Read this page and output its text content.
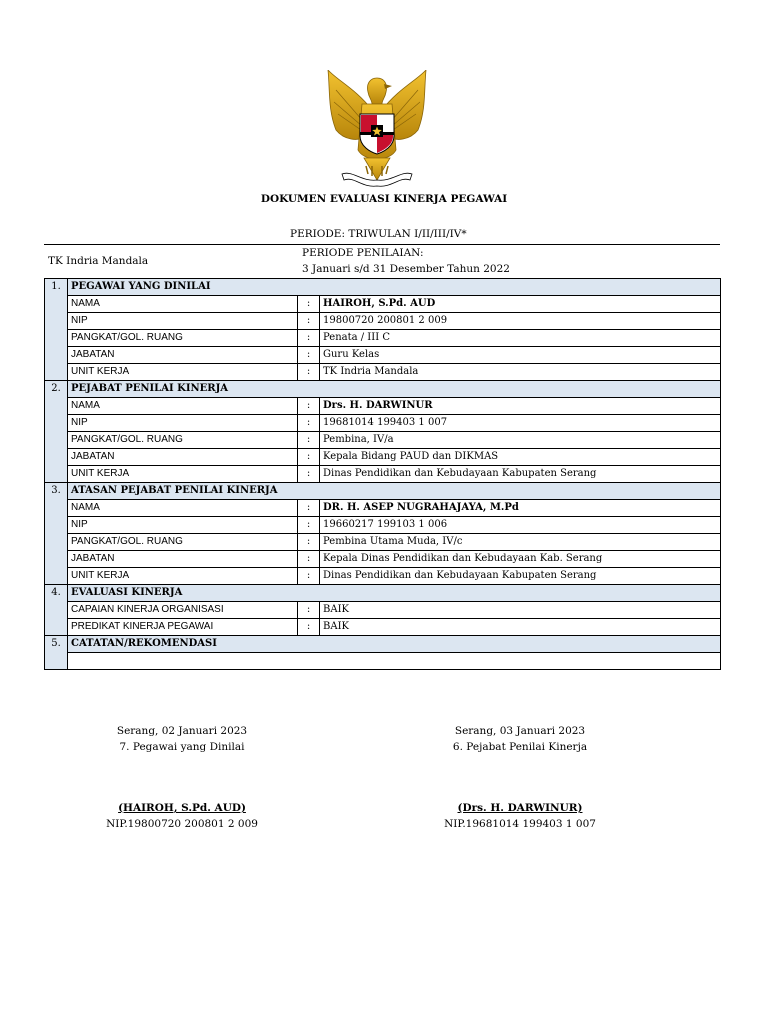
DOKUMEN EVALUASI KINERJA PEGAWAI
PERIODE: TRIWULAN I/II/III/IV*
PERIODE PENILAIAN:
TK Indria Mandala
3 Januari s/d 31 Desember Tahun 2022
1.	PEGAWAI YANG DINILAI		
	NAMA	:	HAIROH, S.Pd. AUD
	NIP	:	19800720 200801 2 009
	PANGKAT/GOL. RUANG	:	Penata / III C
	JABATAN	:	Guru Kelas
	UNIT KERJA	:	TK Indria Mandala
2.	PEJABAT PENILAI KINERJA		
	NAMA	:	Drs. H. DARWINUR
	NIP	:	19681014 199403 1 007
	PANGKAT/GOL. RUANG	:	Pembina, IV/a
	JABATAN	:	Kepala Bidang PAUD dan DIKMAS
	UNIT KERJA	:	Dinas Pendidikan dan Kebudayaan Kabupaten Serang
3.	ATASAN PEJABAT PENILAI KINERJA		
	NAMA	:	DR. H. ASEP NUGRAHAJAYA, M.Pd
	NIP	:	19660217 199103 1 006
	PANGKAT/GOL. RUANG	:	Pembina Utama Muda, IV/c
	JABATAN	:	Kepala Dinas Pendidikan dan Kebudayaan Kab. Serang
	UNIT KERJA	:	Dinas Pendidikan dan Kebudayaan Kabupaten Serang
4.	EVALUASI KINERJA		
	CAPAIAN KINERJA ORGANISASI	:	BAIK
	PREDIKAT KINERJA PEGAWAI	:	BAIK
5.	CATATAN/REKOMENDASI		

Serang, 02 Januari 2023
7. Pegawai yang Dinilai
(HAIROH, S.Pd. AUD)
NIP.19800720 200801 2 009
Serang, 03 Januari 2023
6. Pejabat Penilai Kinerja
(Drs. H. DARWINUR)
NIP.19681014 199403 1 007
